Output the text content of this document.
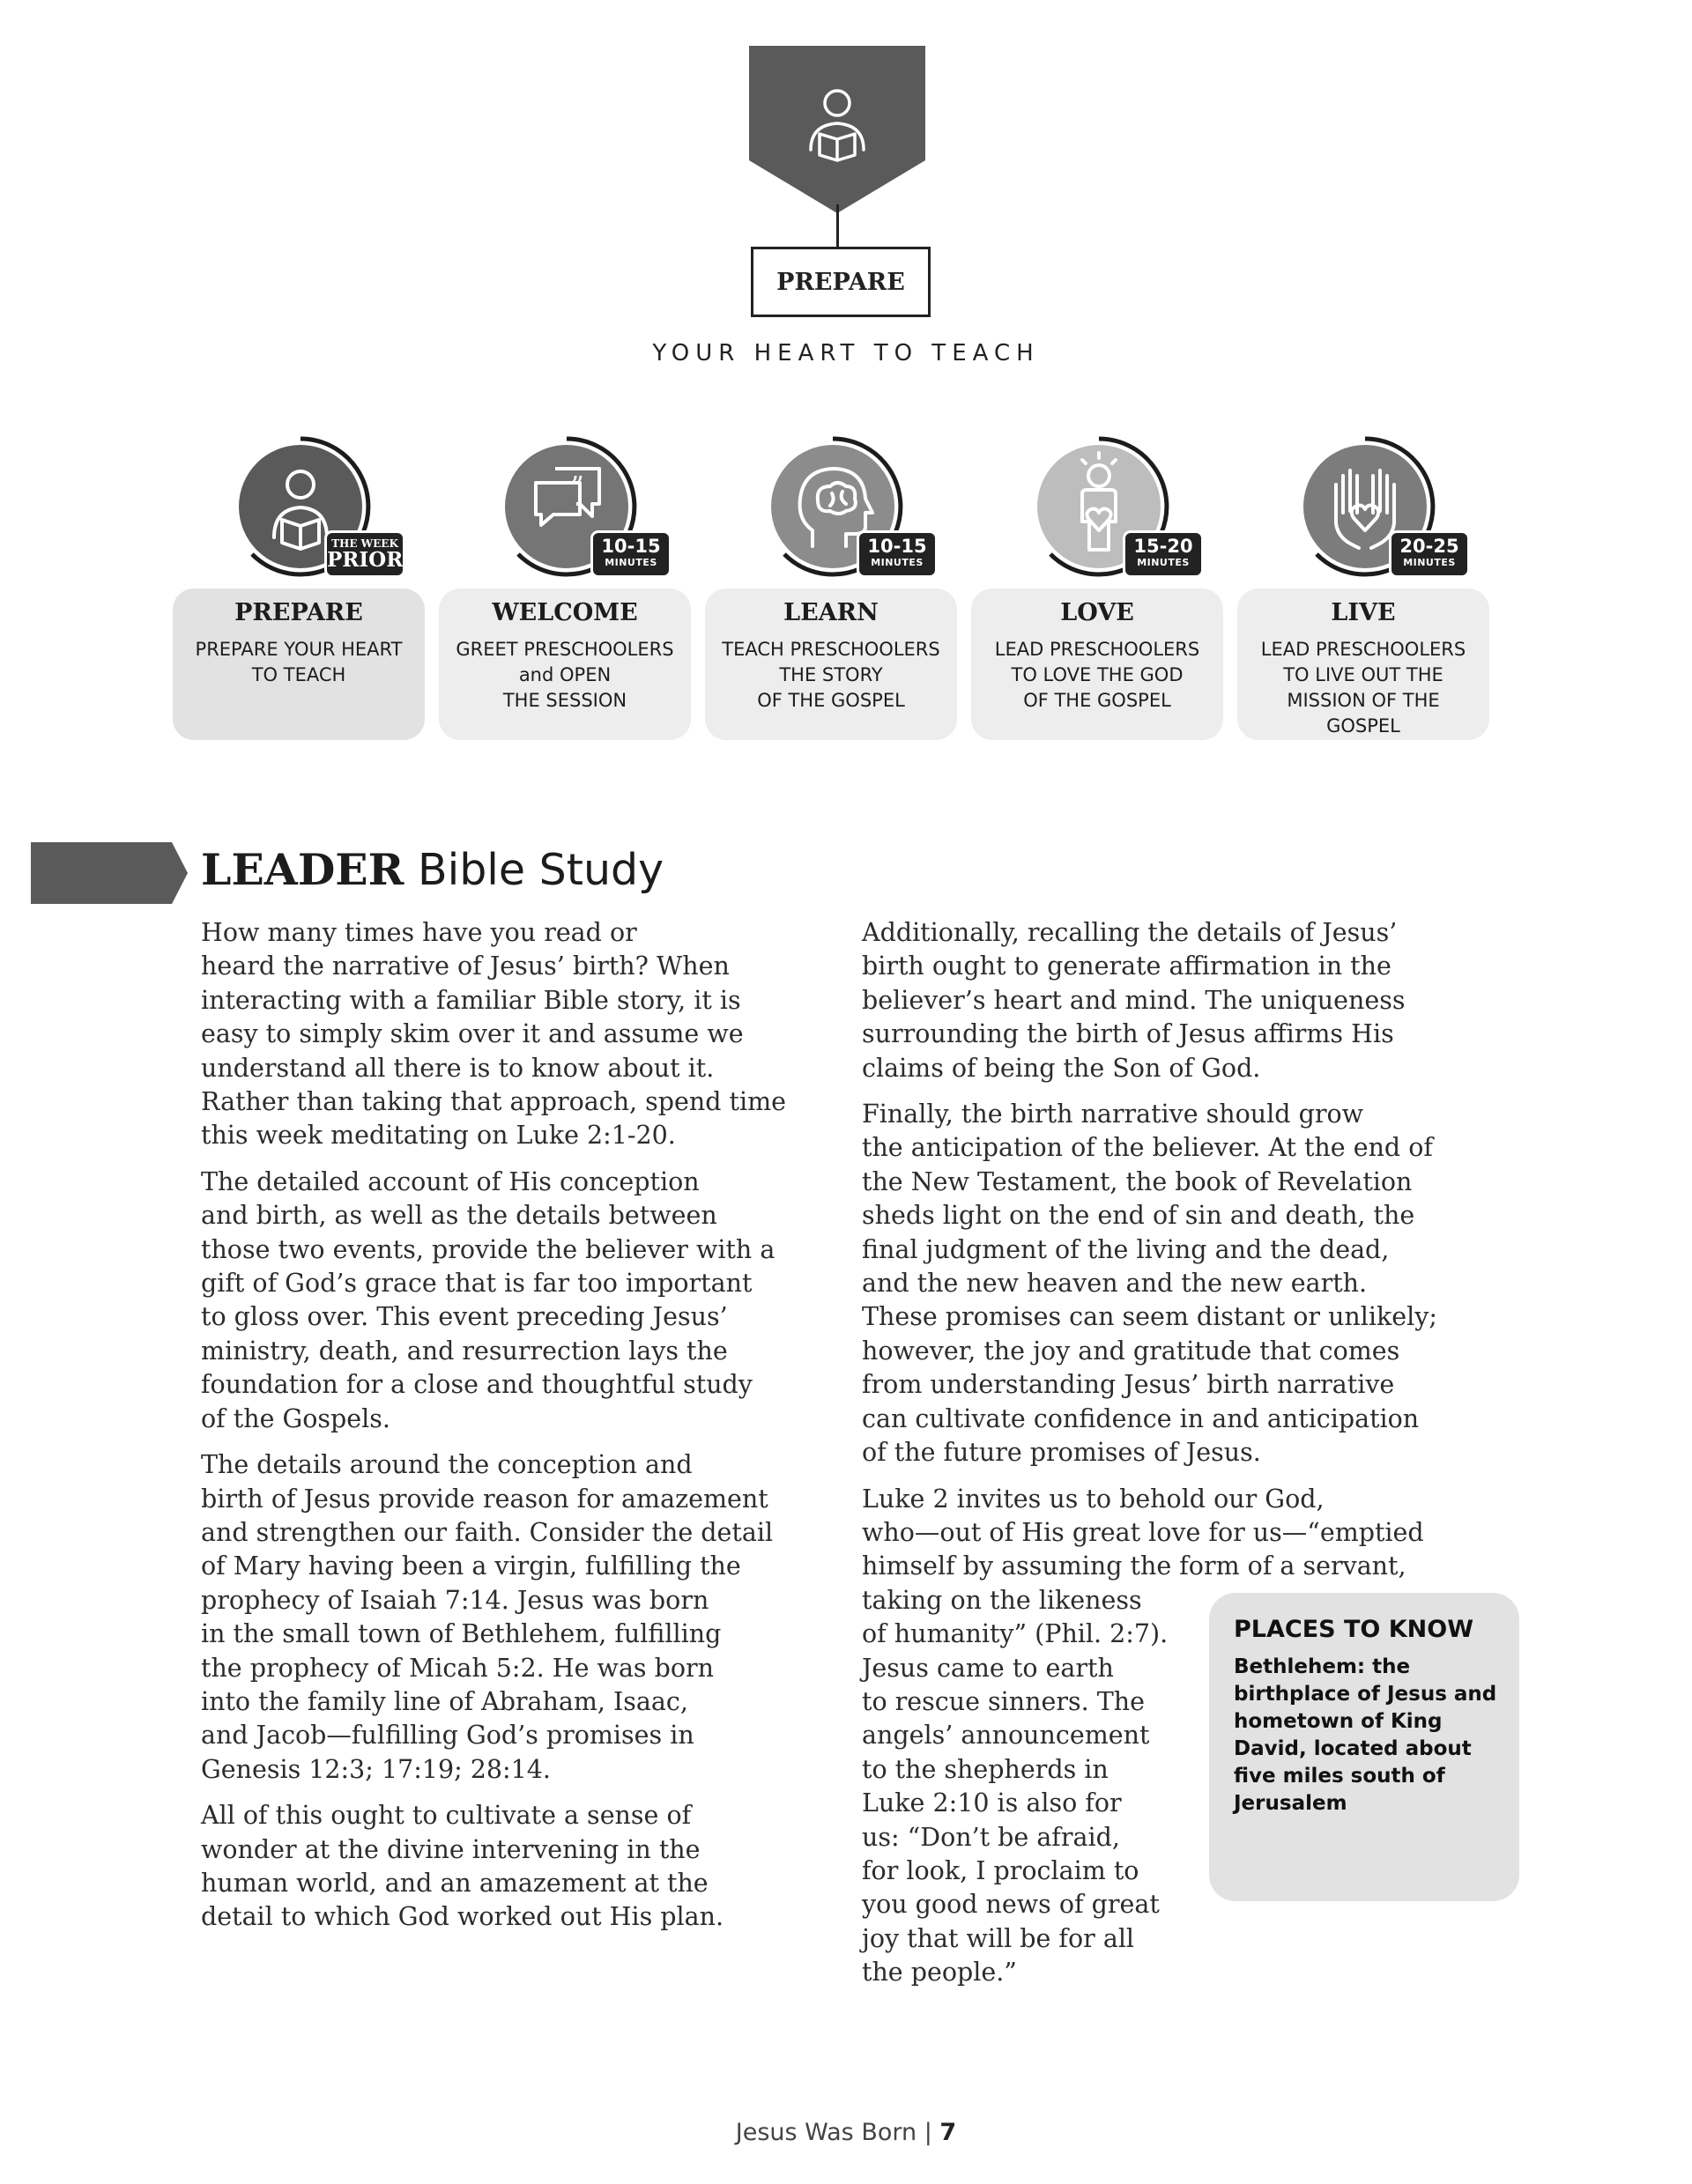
PREPARE
YOUR HEART TO TEACH
THE WEEK
PRIOR
PREPARE
PREPARE YOUR HEART
TO TEACH
”
10-15
MINUTES
WELCOME
GREET PRESCHOOLERS
and OPEN
THE SESSION
10-15
MINUTES
LEARN
TEACH PRESCHOOLERS
THE STORY
OF THE GOSPEL
15-20
MINUTES
LOVE
LEAD PRESCHOOLERS
TO LOVE THE GOD
OF THE GOSPEL
20-25
MINUTES
LIVE
LEAD PRESCHOOLERS
TO LIVE OUT THE
MISSION OF THE
GOSPEL
LEADER Bible Study

How many times have you read or
heard the narrative of Jesus’ birth? When
interacting with a familiar Bible story, it is
easy to simply skim over it and assume we
understand all there is to know about it.
Rather than taking that approach, spend time
this week meditating on Luke 2:1-20.

The detailed account of His conception
and birth, as well as the details between
those two events, provide the believer with a
gift of God’s grace that is far too important
to gloss over. This event preceding Jesus’
ministry, death, and resurrection lays the
foundation for a close and thoughtful study
of the Gospels.

The details around the conception and
birth of Jesus provide reason for amazement
and strengthen our faith. Consider the detail
of Mary having been a virgin, fulfilling the
prophecy of Isaiah 7:14. Jesus was born
in the small town of Bethlehem, fulfilling
the prophecy of Micah 5:2. He was born
into the family line of Abraham, Isaac,
and Jacob—fulfilling God’s promises in
Genesis 12:3; 17:19; 28:14.

All of this ought to cultivate a sense of
wonder at the divine intervening in the
human world, and an amazement at the
detail to which God worked out His plan.

Additionally, recalling the details of Jesus’
birth ought to generate affirmation in the
believer’s heart and mind. The uniqueness
surrounding the birth of Jesus affirms His
claims of being the Son of God.

Finally, the birth narrative should grow
the anticipation of the believer. At the end of
the New Testament, the book of Revelation
sheds light on the end of sin and death, the
final judgment of the living and the dead,
and the new heaven and the new earth.
These promises can seem distant or unlikely;
however, the joy and gratitude that comes
from understanding Jesus’ birth narrative
can cultivate confidence in and anticipation
of the future promises of Jesus.

Luke 2 invites us to behold our God,
who—out of His great love for us—“emptied
himself by assuming the form of a servant,
taking on the likeness
of humanity” (Phil. 2:7).
Jesus came to earth
to rescue sinners. The
angels’ announcement
to the shepherds in
Luke 2:10 is also for
us: “Don’t be afraid,
for look, I proclaim to
you good news of great
joy that will be for all
the people.”

PLACES TO KNOW
Bethlehem: the birthplace of Jesus and hometown of King David, located about five miles south of Jerusalem
Jesus Was Born | 7
